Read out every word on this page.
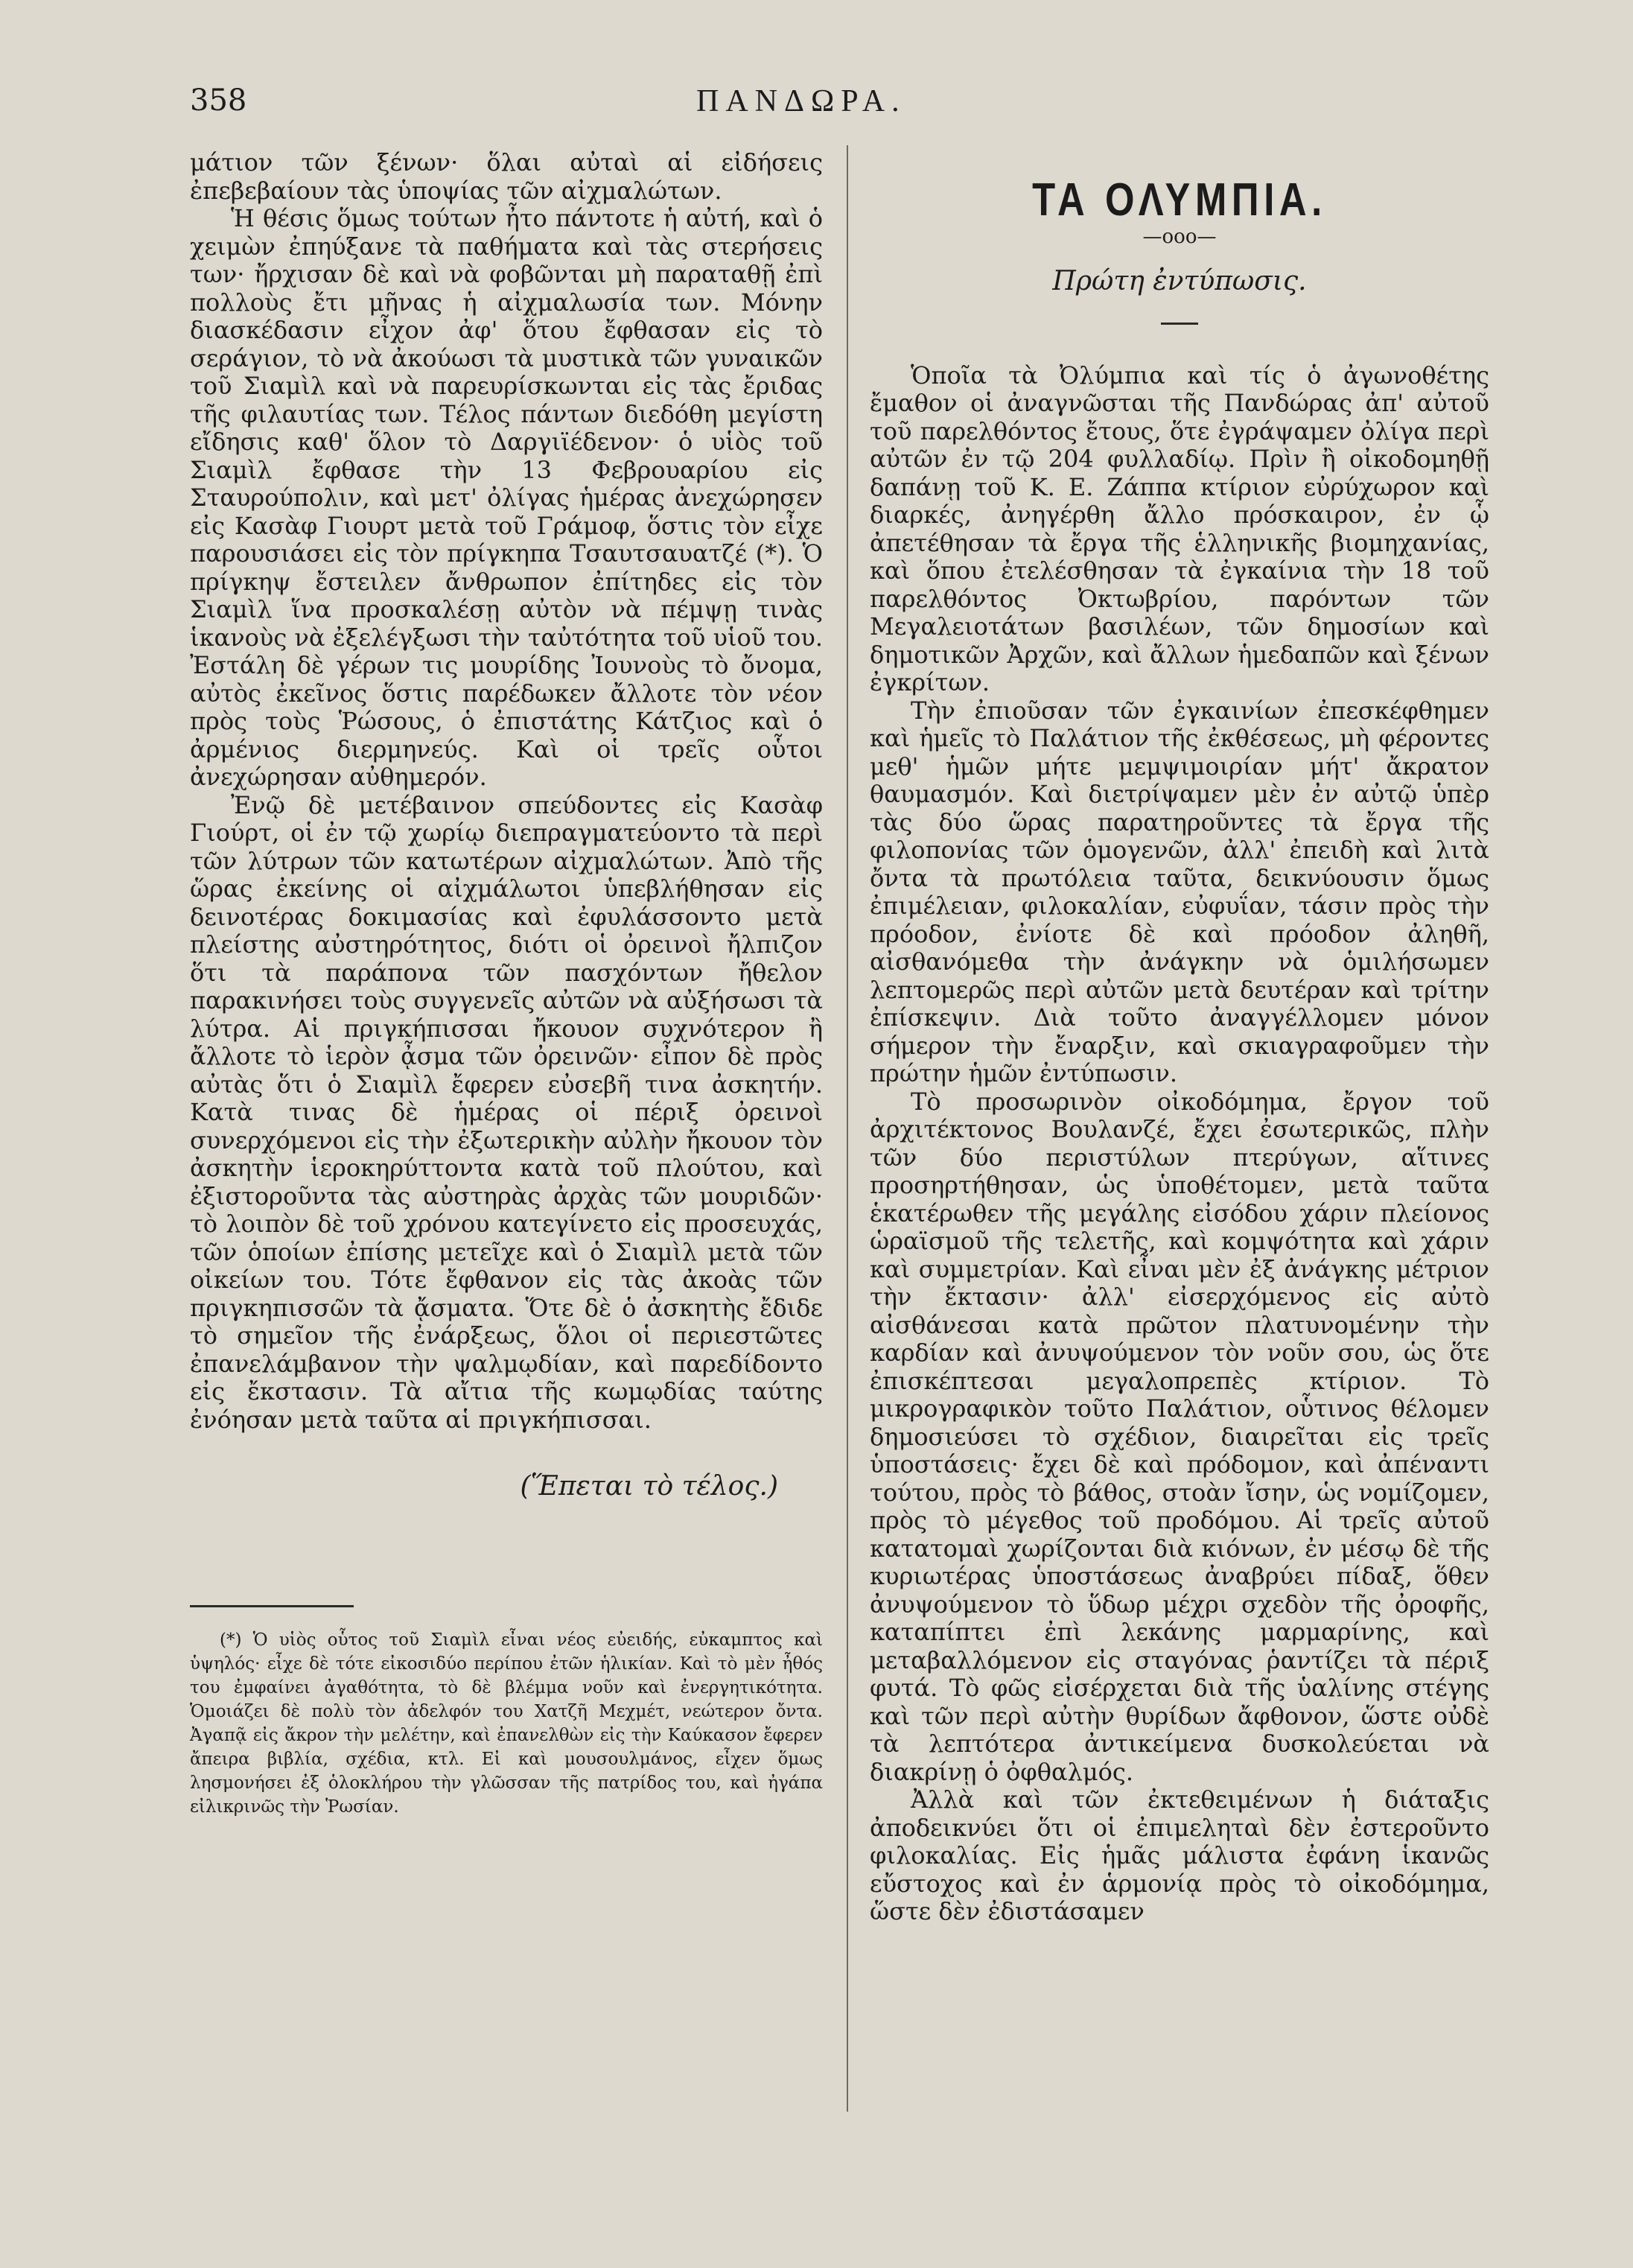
358	ΠΑΝΔΩΡΑ.

μάτιον τῶν ξένων· ὅλαι αὐταὶ αἱ εἰδήσεις ἐπεβεβαίουν τὰς ὑποψίας τῶν αἰχμαλώτων.

Ἡ θέσις ὅμως τούτων ἦτο πάντοτε ἡ αὐτή, καὶ ὁ χειμὼν ἐπηύξανε τὰ παθήματα καὶ τὰς στερήσεις των· ἤρχισαν δὲ καὶ νὰ φοβῶνται μὴ παραταθῇ ἐπὶ πολλοὺς ἔτι μῆνας ἡ αἰχμαλωσία των. Μόνην διασκέδασιν εἶχον ἀφ' ὅτου ἔφθασαν εἰς τὸ σεράγιον, τὸ νὰ ἀκούωσι τὰ μυστικὰ τῶν γυναικῶν τοῦ Σιαμὶλ καὶ νὰ παρευρίσκωνται εἰς τὰς ἔριδας τῆς φιλαυτίας των. Τέλος πάντων διεδόθη μεγίστη εἴδησις καθ' ὅλον τὸ Δαργιϊέδενον· ὁ υἱὸς τοῦ Σιαμὶλ ἔφθασε τὴν 13 Φεβρουαρίου εἰς Σταυρούπολιν, καὶ μετ' ὀλίγας ἡμέρας ἀνεχώρησεν εἰς Κασὰφ Γιουρτ μετὰ τοῦ Γράμοφ, ὅστις τὸν εἶχε παρουσιάσει εἰς τὸν πρίγκηπα Τσαυτσαυατζέ (*). Ὁ πρίγκηψ ἔστειλεν ἄνθρωπον ἐπίτηδες εἰς τὸν Σιαμὶλ ἵνα προσκαλέσῃ αὐτὸν νὰ πέμψῃ τινὰς ἱκανοὺς νὰ ἐξελέγξωσι τὴν ταὐτότητα τοῦ υἱοῦ του. Ἐστάλη δὲ γέρων τις μουρίδης Ἰουνοὺς τὸ ὄνομα, αὐτὸς ἐκεῖνος ὅστις παρέδωκεν ἄλλοτε τὸν νέον πρὸς τοὺς Ῥώσους, ὁ ἐπιστάτης Κάτζιος καὶ ὁ ἀρμένιος διερμηνεύς. Καὶ οἱ τρεῖς οὗτοι ἀνεχώρησαν αὐθημερόν.

Ἐνῷ δὲ μετέβαινον σπεύδοντες εἰς Κασὰφ Γιούρτ, οἱ ἐν τῷ χωρίῳ διεπραγματεύοντο τὰ περὶ τῶν λύτρων τῶν κατωτέρων αἰχμαλώτων. Ἀπὸ τῆς ὥρας ἐκείνης οἱ αἰχμάλωτοι ὑπεβλήθησαν εἰς δεινοτέρας δοκιμασίας καὶ ἐφυλάσσοντο μετὰ πλείστης αὐστηρότητος, διότι οἱ ὀρεινοὶ ἤλπιζον ὅτι τὰ παράπονα τῶν πασχόντων ἤθελον παρακινήσει τοὺς συγγενεῖς αὐτῶν νὰ αὐξήσωσι τὰ λύτρα. Αἱ πριγκήπισσαι ἤκουον συχνότερον ἢ ἄλλοτε τὸ ἱερὸν ᾆσμα τῶν ὀρεινῶν· εἶπον δὲ πρὸς αὐτὰς ὅτι ὁ Σιαμὶλ ἔφερεν εὐσεβῆ τινα ἀσκητήν. Κατὰ τινας δὲ ἡμέρας οἱ πέριξ ὀρεινοὶ συνερχόμενοι εἰς τὴν ἐξωτερικὴν αὐλὴν ἤκουον τὸν ἀσκητὴν ἱεροκηρύττοντα κατὰ τοῦ πλούτου, καὶ ἐξιστοροῦντα τὰς αὐστηρὰς ἀρχὰς τῶν μουριδῶν· τὸ λοιπὸν δὲ τοῦ χρόνου κατεγίνετο εἰς προσευχάς, τῶν ὁποίων ἐπίσης μετεῖχε καὶ ὁ Σιαμὶλ μετὰ τῶν οἰκείων του. Τότε ἔφθανον εἰς τὰς ἀκοὰς τῶν πριγκηπισσῶν τὰ ᾄσματα. Ὅτε δὲ ὁ ἀσκητὴς ἔδιδε τὸ σημεῖον τῆς ἐνάρξεως, ὅλοι οἱ περιεστῶτες ἐπανελάμβανον τὴν ψαλμῳδίαν, καὶ παρεδίδοντο εἰς ἔκστασιν. Τὰ αἴτια τῆς κωμῳδίας ταύτης ἐνόησαν μετὰ ταῦτα αἱ πριγκήπισσαι.

(Ἕπεται τὸ τέλος.)
(*) Ὁ υἱὸς οὗτος τοῦ Σιαμὶλ εἶναι νέος εὐειδής, εὐκαμπτος καὶ ὑψηλός· εἶχε δὲ τότε εἰκοσιδύο περίπου ἐτῶν ἡλικίαν. Καὶ τὸ μὲν ἦθός του ἐμφαίνει ἀγαθότητα, τὸ δὲ βλέμμα νοῦν καὶ ἐνεργητικότητα. Ὁμοιάζει δὲ πολὺ τὸν ἀδελφόν του Χατζῆ Μεχμέτ, νεώτερον ὄντα. Ἀγαπᾷ εἰς ἄκρον τὴν μελέτην, καὶ ἐπανελθὼν εἰς τὴν Καύκασον ἔφερεν ἄπειρα βιβλία, σχέδια, κτλ. Εἰ καὶ μουσουλμάνος, εἶχεν ὅμως λησμονήσει ἐξ ὁλοκλήρου τὴν γλῶσσαν τῆς πατρίδος του, καὶ ἠγάπα εἰλικρινῶς τὴν Ῥωσίαν.
ΤΑ ΟΛΥΜΠΙΑ.
—ooo—
Πρώτη ἐντύπωσις.

Ὁποῖα τὰ Ὀλύμπια καὶ τίς ὁ ἀγωνοθέτης ἔμαθον οἱ ἀναγνῶσται τῆς Πανδώρας ἀπ' αὐτοῦ τοῦ παρελθόντος ἔτους, ὅτε ἐγράψαμεν ὀλίγα περὶ αὐτῶν ἐν τῷ 204 φυλλαδίῳ. Πρὶν ἢ οἰκοδομηθῇ δαπάνῃ τοῦ Κ. Ε. Ζάππα κτίριον εὐρύχωρον καὶ διαρκές, ἀνηγέρθη ἄλλο πρόσκαιρον, ἐν ᾧ ἀπετέθησαν τὰ ἔργα τῆς ἑλληνικῆς βιομηχανίας, καὶ ὅπου ἐτελέσθησαν τὰ ἐγκαίνια τὴν 18 τοῦ παρελθόντος Ὀκτωβρίου, παρόντων τῶν Μεγαλειοτάτων βασιλέων, τῶν δημοσίων καὶ δημοτικῶν Ἀρχῶν, καὶ ἄλλων ἡμεδαπῶν καὶ ξένων ἐγκρίτων.

Τὴν ἐπιοῦσαν τῶν ἐγκαινίων ἐπεσκέφθημεν καὶ ἡμεῖς τὸ Παλάτιον τῆς ἐκθέσεως, μὴ φέροντες μεθ' ἡμῶν μήτε μεμψιμοιρίαν μήτ' ἄκρατον θαυμασμόν. Καὶ διετρίψαμεν μὲν ἐν αὐτῷ ὑπὲρ τὰς δύο ὥρας παρατηροῦντες τὰ ἔργα τῆς φιλοπονίας τῶν ὁμογενῶν, ἀλλ' ἐπειδὴ καὶ λιτὰ ὄντα τὰ πρωτόλεια ταῦτα, δεικνύουσιν ὅμως ἐπιμέλειαν, φιλοκαλίαν, εὐφυΐαν, τάσιν πρὸς τὴν πρόοδον, ἐνίοτε δὲ καὶ πρόοδον ἀληθῆ, αἰσθανόμεθα τὴν ἀνάγκην νὰ ὁμιλήσωμεν λεπτομερῶς περὶ αὐτῶν μετὰ δευτέραν καὶ τρίτην ἐπίσκεψιν. Διὰ τοῦτο ἀναγγέλλομεν μόνον σήμερον τὴν ἔναρξιν, καὶ σκιαγραφοῦμεν τὴν πρώτην ἡμῶν ἐντύπωσιν.

Τὸ προσωρινὸν οἰκοδόμημα, ἔργον τοῦ ἀρχιτέκτονος Βουλανζέ, ἔχει ἐσωτερικῶς, πλὴν τῶν δύο περιστύλων πτερύγων, αἵτινες προσηρτήθησαν, ὡς ὑποθέτομεν, μετὰ ταῦτα ἑκατέρωθεν τῆς μεγάλης εἰσόδου χάριν πλείονος ὡραϊσμοῦ τῆς τελετῆς, καὶ κομψότητα καὶ χάριν καὶ συμμετρίαν. Καὶ εἶναι μὲν ἐξ ἀνάγκης μέτριον τὴν ἔκτασιν· ἀλλ' εἰσερχόμενος εἰς αὐτὸ αἰσθάνεσαι κατὰ πρῶτον πλατυνομένην τὴν καρδίαν καὶ ἀνυψούμενον τὸν νοῦν σου, ὡς ὅτε ἐπισκέπτεσαι μεγαλοπρεπὲς κτίριον. Τὸ μικρογραφικὸν τοῦτο Παλάτιον, οὗτινος θέλομεν δημοσιεύσει τὸ σχέδιον, διαιρεῖται εἰς τρεῖς ὑποστάσεις· ἔχει δὲ καὶ πρόδομον, καὶ ἀπέναντι τούτου, πρὸς τὸ βάθος, στοὰν ἴσην, ὡς νομίζομεν, πρὸς τὸ μέγεθος τοῦ προδόμου. Αἱ τρεῖς αὐτοῦ κατατομαὶ χωρίζονται διὰ κιόνων, ἐν μέσῳ δὲ τῆς κυριωτέρας ὑποστάσεως ἀναβρύει πίδαξ, ὅθεν ἀνυψούμενον τὸ ὕδωρ μέχρι σχεδὸν τῆς ὀροφῆς, καταπίπτει ἐπὶ λεκάνης μαρμαρίνης, καὶ μεταβαλλόμενον εἰς σταγόνας ῥαντίζει τὰ πέριξ φυτά. Τὸ φῶς εἰσέρχεται διὰ τῆς ὑαλίνης στέγης καὶ τῶν περὶ αὐτὴν θυρίδων ἄφθονον, ὥστε οὐδὲ τὰ λεπτότερα ἀντικείμενα δυσκολεύεται νὰ διακρίνῃ ὁ ὀφθαλμός.

Ἀλλὰ καὶ τῶν ἐκτεθειμένων ἡ διάταξις ἀποδεικνύει ὅτι οἱ ἐπιμεληταὶ δὲν ἐστεροῦντο φιλοκαλίας. Εἰς ἡμᾶς μάλιστα ἐφάνη ἱκανῶς εὔστοχος καὶ ἐν ἁρμονίᾳ πρὸς τὸ οἰκοδόμημα, ὥστε δὲν ἐδιστάσαμεν
